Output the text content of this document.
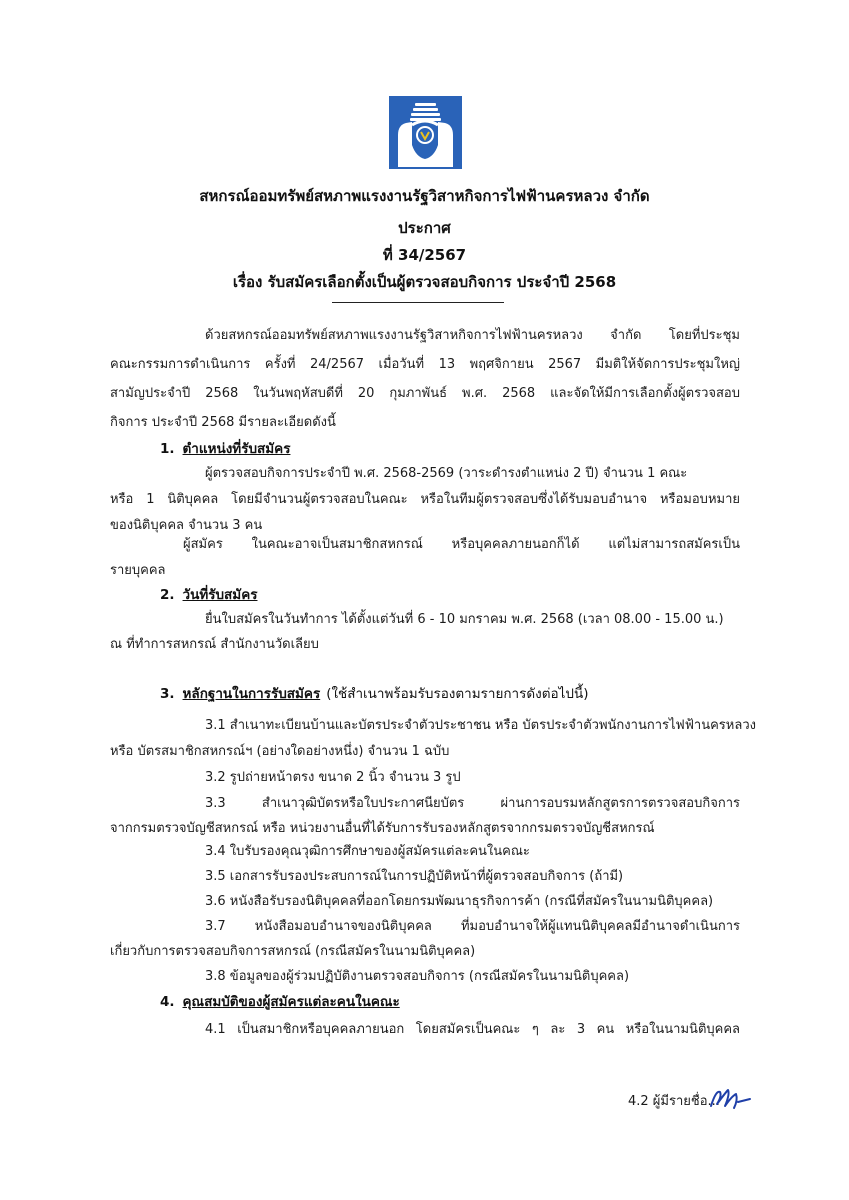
สหกรณ์ออมทรัพย์สหภาพแรงงานรัฐวิสาหกิจการไฟฟ้านครหลวง จำกัด
ประกาศ
ที่ 34/2567
เรื่อง รับสมัครเลือกตั้งเป็นผู้ตรวจสอบกิจการ ประจำปี 2568
ด้วยสหกรณ์ออมทรัพย์สหภาพแรงงานรัฐวิสาหกิจการไฟฟ้านครหลวง จำกัด โดยที่ประชุม
คณะกรรมการดำเนินการ ครั้งที่ 24/2567 เมื่อวันที่ 13 พฤศจิกายน 2567 มีมติให้จัดการประชุมใหญ่
สามัญประจำปี 2568 ในวันพฤหัสบดีที่ 20 กุมภาพันธ์ พ.ศ. 2568 และจัดให้มีการเลือกตั้งผู้ตรวจสอบ
กิจการ ประจำปี 2568 มีรายละเอียดดังนี้
1. ตำแหน่งที่รับสมัคร
ผู้ตรวจสอบกิจการประจำปี พ.ศ. 2568-2569 (วาระดำรงตำแหน่ง 2 ปี) จำนวน 1 คณะ
หรือ 1 นิติบุคคล โดยมีจำนวนผู้ตรวจสอบในคณะ หรือในทีมผู้ตรวจสอบซึ่งได้รับมอบอำนาจ หรือมอบหมาย
ของนิติบุคคล จำนวน 3 คน
ผู้สมัคร ในคณะอาจเป็นสมาชิกสหกรณ์ หรือบุคคลภายนอกก็ได้ แต่ไม่สามารถสมัครเป็น
รายบุคคล
2. วันที่รับสมัคร
ยื่นใบสมัครในวันทำการ ได้ตั้งแต่วันที่ 6 - 10 มกราคม พ.ศ. 2568 (เวลา 08.00 - 15.00 น.)
ณ ที่ทำการสหกรณ์ สำนักงานวัดเลียบ
3. หลักฐานในการรับสมัคร (ใช้สำเนาพร้อมรับรองตามรายการดังต่อไปนี้)
3.1 สำเนาทะเบียนบ้านและบัตรประจำตัวประชาชน หรือ บัตรประจำตัวพนักงานการไฟฟ้านครหลวง
หรือ บัตรสมาชิกสหกรณ์ฯ (อย่างใดอย่างหนึ่ง) จำนวน 1 ฉบับ
3.2 รูปถ่ายหน้าตรง ขนาด 2 นิ้ว จำนวน 3 รูป
3.3 สำเนาวุฒิบัตรหรือใบประกาศนียบัตร ผ่านการอบรมหลักสูตรการตรวจสอบกิจการ
จากกรมตรวจบัญชีสหกรณ์ หรือ หน่วยงานอื่นที่ได้รับการรับรองหลักสูตรจากกรมตรวจบัญชีสหกรณ์
3.4 ใบรับรองคุณวุฒิการศึกษาของผู้สมัครแต่ละคนในคณะ
3.5 เอกสารรับรองประสบการณ์ในการปฏิบัติหน้าที่ผู้ตรวจสอบกิจการ (ถ้ามี)
3.6 หนังสือรับรองนิติบุคคลที่ออกโดยกรมพัฒนาธุรกิจการค้า (กรณีที่สมัครในนามนิติบุคคล)
3.7 หนังสือมอบอำนาจของนิติบุคคล ที่มอบอำนาจให้ผู้แทนนิติบุคคลมีอำนาจดำเนินการ
เกี่ยวกับการตรวจสอบกิจการสหกรณ์ (กรณีสมัครในนามนิติบุคคล)
3.8 ข้อมูลของผู้ร่วมปฏิบัติงานตรวจสอบกิจการ (กรณีสมัครในนามนิติบุคคล)
4. คุณสมบัติของผู้สมัครแต่ละคนในคณะ
4.1 เป็นสมาชิกหรือบุคคลภายนอก โดยสมัครเป็นคณะ ๆ ละ 3 คน หรือในนามนิติบุคคล
4.2 ผู้มีรายชื่อ...
